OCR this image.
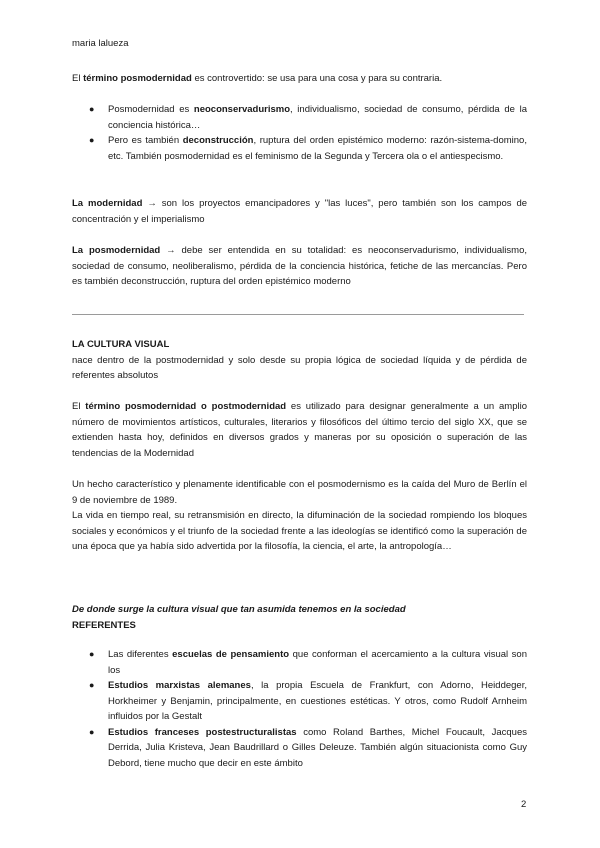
maria lalueza
El término posmodernidad es controvertido: se usa para una cosa y para su contraria.
● Posmodernidad es neoconservadurismo, individualismo, sociedad de consumo, pérdida de la conciencia histórica…
● Pero es también deconstrucción, ruptura del orden epistémico moderno: razón-sistema-domino, etc. También posmodernidad es el feminismo de la Segunda y Tercera ola o el antiespecismo.
La modernidad → son los proyectos emancipadores y "las luces", pero también son los campos de concentración y el imperialismo
La posmodernidad → debe ser entendida en su totalidad: es neoconservadurismo, individualismo, sociedad de consumo, neoliberalismo, pérdida de la conciencia histórica, fetiche de las mercancías. Pero es también deconstrucción, ruptura del orden epistémico moderno
LA CULTURA VISUAL
nace dentro de la postmodernidad y solo desde su propia lógica de sociedad líquida y de pérdida de referentes absolutos
El término posmodernidad o postmodernidad es utilizado para designar generalmente a un amplio número de movimientos artísticos, culturales, literarios y filosóficos del último tercio del siglo XX, que se extienden hasta hoy, definidos en diversos grados y maneras por su oposición o superación de las tendencias de la Modernidad
Un hecho característico y plenamente identificable con el posmodernismo es la caída del Muro de Berlín el 9 de noviembre de 1989.
La vida en tiempo real, su retransmisión en directo, la difuminación de la sociedad rompiendo los bloques sociales y económicos y el triunfo de la sociedad frente a las ideologías se identificó como la superación de una época que ya había sido advertida por la filosofía, la ciencia, el arte, la antropología…
De donde surge la cultura visual que tan asumida tenemos en la sociedad
REFERENTES
● Las diferentes escuelas de pensamiento que conforman el acercamiento a la cultura visual son los
● Estudios marxistas alemanes, la propia Escuela de Frankfurt, con Adorno, Heiddeger, Horkheimer y Benjamin, principalmente, en cuestiones estéticas. Y otros, como Rudolf Arnheim influidos por la Gestalt
● Estudios franceses postestructuralistas como Roland Barthes, Michel Foucault, Jacques Derrida, Julia Kristeva, Jean Baudrillard o Gilles Deleuze. También algún situacionista como Guy Debord, tiene mucho que decir en este ámbito
2
